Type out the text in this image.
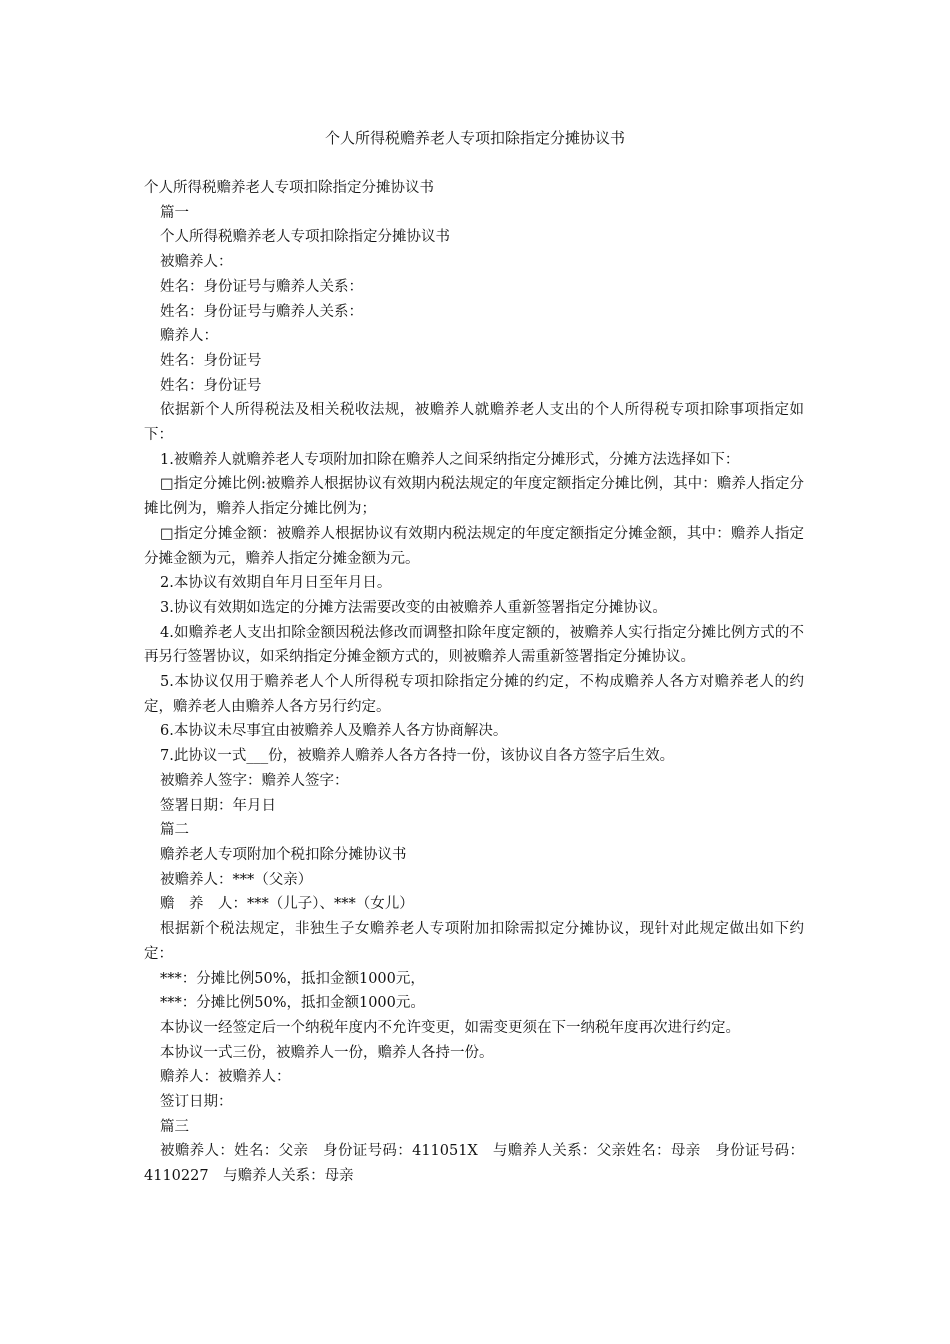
个人所得税赡养老人专项扣除指定分摊协议书

个人所得税赡养老人专项扣除指定分摊协议书

篇一

个人所得税赡养老人专项扣除指定分摊协议书

被赡养人：

姓名：身份证号与赡养人关系：

姓名：身份证号与赡养人关系：

赡养人：

姓名：身份证号

姓名：身份证号

依据新个人所得税法及相关税收法规，被赡养人就赡养老人支出的个人所得税专项扣除事项指定如下：

1.被赡养人就赡养老人专项附加扣除在赡养人之间采纳指定分摊形式，分摊方法选择如下：

□指定分摊比例:被赡养人根据协议有效期内税法规定的年度定额指定分摊比例，其中：赡养人指定分摊比例为，赡养人指定分摊比例为；

□指定分摊金额：被赡养人根据协议有效期内税法规定的年度定额指定分摊金额，其中：赡养人指定分摊金额为元，赡养人指定分摊金额为元。

2.本协议有效期自年月日至年月日。

3.协议有效期如选定的分摊方法需要改变的由被赡养人重新签署指定分摊协议。

4.如赡养老人支出扣除金额因税法修改而调整扣除年度定额的，被赡养人实行指定分摊比例方式的不再另行签署协议，如采纳指定分摊金额方式的，则被赡养人需重新签署指定分摊协议。

5.本协议仅用于赡养老人个人所得税专项扣除指定分摊的约定，不构成赡养人各方对赡养老人的约定，赡养老人由赡养人各方另行约定。

6.本协议未尽事宜由被赡养人及赡养人各方协商解决。

7.此协议一式___份，被赡养人赡养人各方各持一份，该协议自各方签字后生效。

被赡养人签字：赡养人签字：

签署日期：年月日

篇二

赡养老人专项附加个税扣除分摊协议书

被赡养人：***（父亲）

赡　养　人：***（儿子）、***（女儿）

根据新个税法规定，非独生子女赡养老人专项附加扣除需拟定分摊协议，现针对此规定做出如下约定：

***：分摊比例50%，抵扣金额1000元，

***：分摊比例50%，抵扣金额1000元。

本协议一经签定后一个纳税年度内不允许变更，如需变更须在下一纳税年度再次进行约定。

本协议一式三份，被赡养人一份，赡养人各持一份。

赡养人：被赡养人：

签订日期：

篇三

被赡养人：姓名：父亲　身份证号码：411051X　与赡养人关系：父亲姓名：母亲　身份证号码：4110227　与赡养人关系：母亲
